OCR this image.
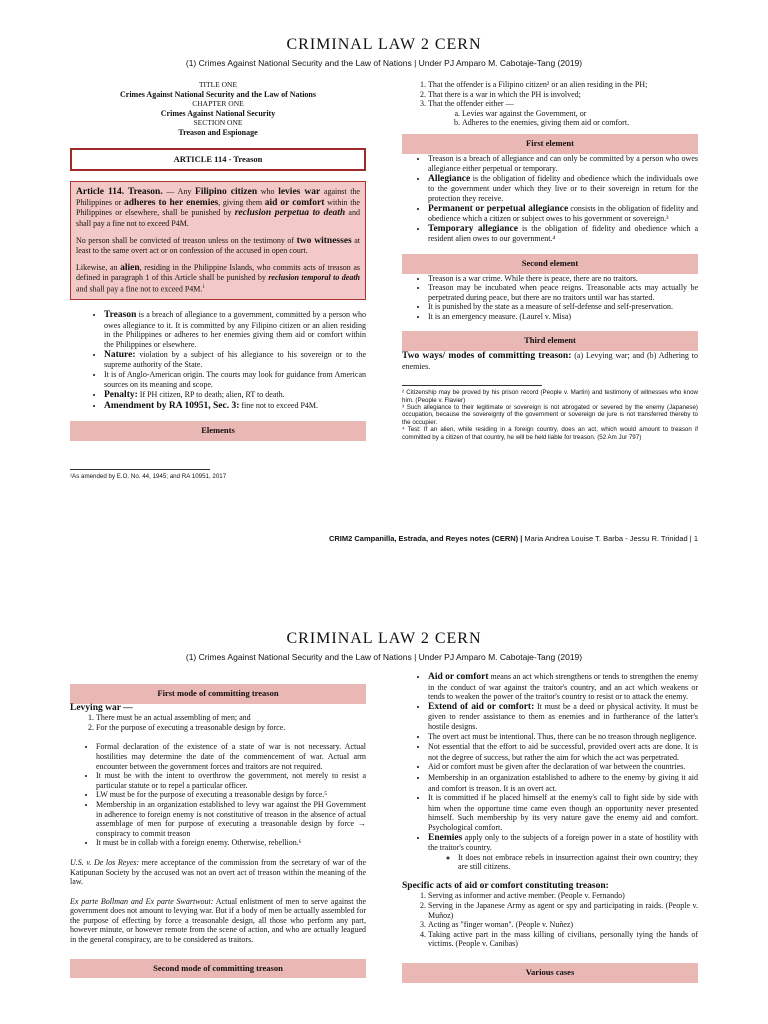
CRIMINAL LAW 2 CERN
(1) Crimes Against National Security and the Law of Nations | Under PJ Amparo M. Cabotaje-Tang (2019)
TITLE ONE
Crimes Against National Security and the Law of Nations
CHAPTER ONE
Crimes Against National Security
SECTION ONE
Treason and Espionage
ARTICLE 114 - Treason

Article 114. Treason. — Any Filipino citizen who levies war against the Philippines or adheres to her enemies, giving them aid or comfort within the Philippines or elsewhere, shall be punished by reclusion perpetua to death and shall pay a fine not to exceed P4M.

No person shall be convicted of treason unless on the testimony of two witnesses at least to the same overt act or on confession of the accused in open court.

Likewise, an alien, residing in the Philippine Islands, who commits acts of treason as defined in paragraph 1 of this Article shall be punished by reclusion temporal to death and shall pay a fine not to exceed P4M.$^1$

• Treason is a breach of allegiance to a government, committed by a person who owes allegiance to it. It is committed by any Filipino citizen or an alien residing in the Philippines or adheres to her enemies giving them aid or comfort within the Philippines or elsewhere.
• Nature: violation by a subject of his allegiance to his sovereign or to the supreme authority of the State.
• It is of Anglo-American origin. The courts may look for guidance from American sources on its meaning and scope.
• Penalty: If PH citizen, RP to death; alien, RT to death.
• Amendment by RA 10951, Sec. 3: fine not to exceed P4M.
Elements
¹As amended by E.O. No. 44, 1945; and RA 10951, 2017
1. That the offender is a Filipino citizen² or an alien residing in the PH;
2. That there is a war in which the PH is involved;
3. That the offender either —
a. Levies war against the Government, or
b. Adheres to the enemies, giving them aid or comfort.
First element
• Treason is a breach of allegiance and can only be committed by a person who owes allegiance either perpetual or temporary.
• Allegiance is the obligation of fidelity and obedience which the individuals owe to the government under which they live or to their sovereign in return for the protection they receive.
• Permanent or perpetual allegiance consists in the obligation of fidelity and obedience which a citizen or subject owes to his government or sovereign.³
• Temporary allegiance is the obligation of fidelity and obedience which a resident alien owes to our government.⁴
Second element
• Treason is a war crime. While there is peace, there are no traitors.
• Treason may be incubated when peace reigns. Treasonable acts may actually be perpetrated during peace, but there are no traitors until war has started.
• It is punished by the state as a measure of self-defense and self-preservation.
• It is an emergency measure. (Laurel v. Misa)
Third element
Two ways/ modes of committing treason: (a) Levying war; and (b) Adhering to enemies.
² Citizenship may be proved by his prison record (People v. Martin) and testimony of witnesses who know him. (People v. Flavier)
³ Such allegiance to their legitimate or sovereign is not abrogated or severed by the enemy (Japanese) occupation, because the sovereignty of the government or sovereign de jure is not transferred thereby to the occupier.
⁴ Test: If an alien, while residing in a foreign country, does an act, which would amount to treason if committed by a citizen of that country, he will be held liable for treason. (52 Am Jur 797)
CRIM2 Campanilla, Estrada, and Reyes notes (CERN) | Maria Andrea Louise T. Barba - Jessu R. Trinidad | 1
CRIMINAL LAW 2 CERN
(1) Crimes Against National Security and the Law of Nations | Under PJ Amparo M. Cabotaje-Tang (2019)
First mode of committing treason
Levying war —
1. There must be an actual assembling of men; and
2. For the purpose of executing a treasonable design by force.
• Formal declaration of the existence of a state of war is not necessary. Actual hostilities may determine the date of the commencement of war. Actual arm encounter between the government forces and traitors are not required.
• It must be with the intent to overthrow the government, not merely to resist a particular statute or to repel a particular officer.
• LW must be for the purpose of executing a treasonable design by force.⁵
• Membership in an organization established to levy war against the PH Government in adherence to foreign enemy is not constitutive of treason in the absence of actual assemblage of men for purpose of executing a treasonable design by force → conspiracy to commit treason
• It must be in collab with a foreign enemy. Otherwise, rebellion.⁶
U.S. v. De los Reyes: mere acceptance of the commission from the secretary of war of the Katipunan Society by the accused was not an overt act of treason within the meaning of the law.
Ex parte Bollman and Ex parte Swartwout: Actual enlistment of men to serve against the government does not amount to levying war. But if a body of men be actually assembled for the purpose of effecting by force a treasonable design, all those who perform any part, however minute, or however remote from the scene of action, and who are actually leagued in the general conspiracy, are to be considered as traitors.
Second mode of committing treason
• Aid or comfort means an act which strengthens or tends to strengthen the enemy in the conduct of war against the traitor's country, and an act which weakens or tends to weaken the power of the traitor's country to resist or to attack the enemy.
• Extend of aid or comfort: It must be a deed or physical activity. It must be given to render assistance to them as enemies and in furtherance of the latter's hostile designs.
• The overt act must be intentional. Thus, there can be no treason through negligence.
• Not essential that the effort to aid be successful, provided overt acts are done. It is not the degree of success, but rather the aim for which the act was perpetrated.
• Aid or comfort must be given after the declaration of war between the countries.
• Membership in an organization established to adhere to the enemy by giving it aid and comfort is treason. It is an overt act.
• It is committed if he placed himself at the enemy's call to fight side by side with him when the opportune time came even though an opportunity never presented himself. Such membership by its very nature gave the enemy aid and comfort. Psychological comfort.
• Enemies apply only to the subjects of a foreign power in a state of hostility with the traitor's country.
◦ It does not embrace rebels in insurrection against their own country; they are still citizens.
Specific acts of aid or comfort constituting treason:
1. Serving as informer and active member. (People v. Fernando)
2. Serving in the Japanese Army as agent or spy and participating in raids. (People v. Muñoz)
3. Acting as "finger woman". (People v. Nuñez)
4. Taking active part in the mass killing of civilians, personally tying the hands of victims. (People v. Canibas)
Various cases
